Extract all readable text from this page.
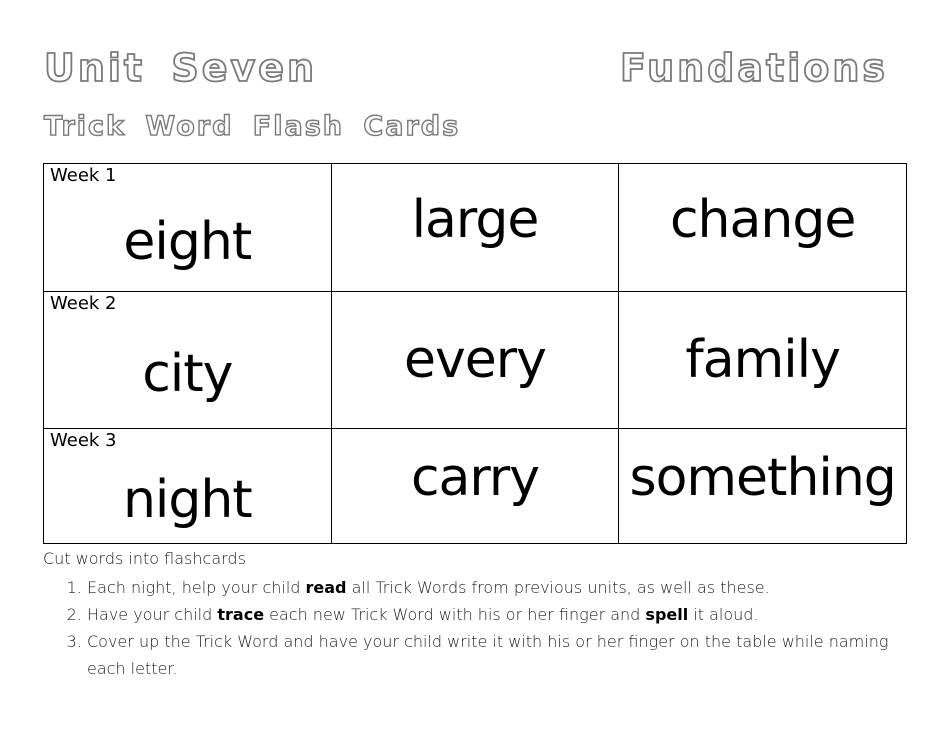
Unit Seven	Fundations
Trick Word Flash Cards
Week 1
eight	large	change

Week 2
city	every	family

Week 3
night	carry	something
Cut words into flashcards
1. Each night, help your child read all Trick Words from previous units, as well as these.
2. Have your child trace each new Trick Word with his or her finger and spell it aloud.
3. Cover up the Trick Word and have your child write it with his or her finger on the table while naming each letter.
